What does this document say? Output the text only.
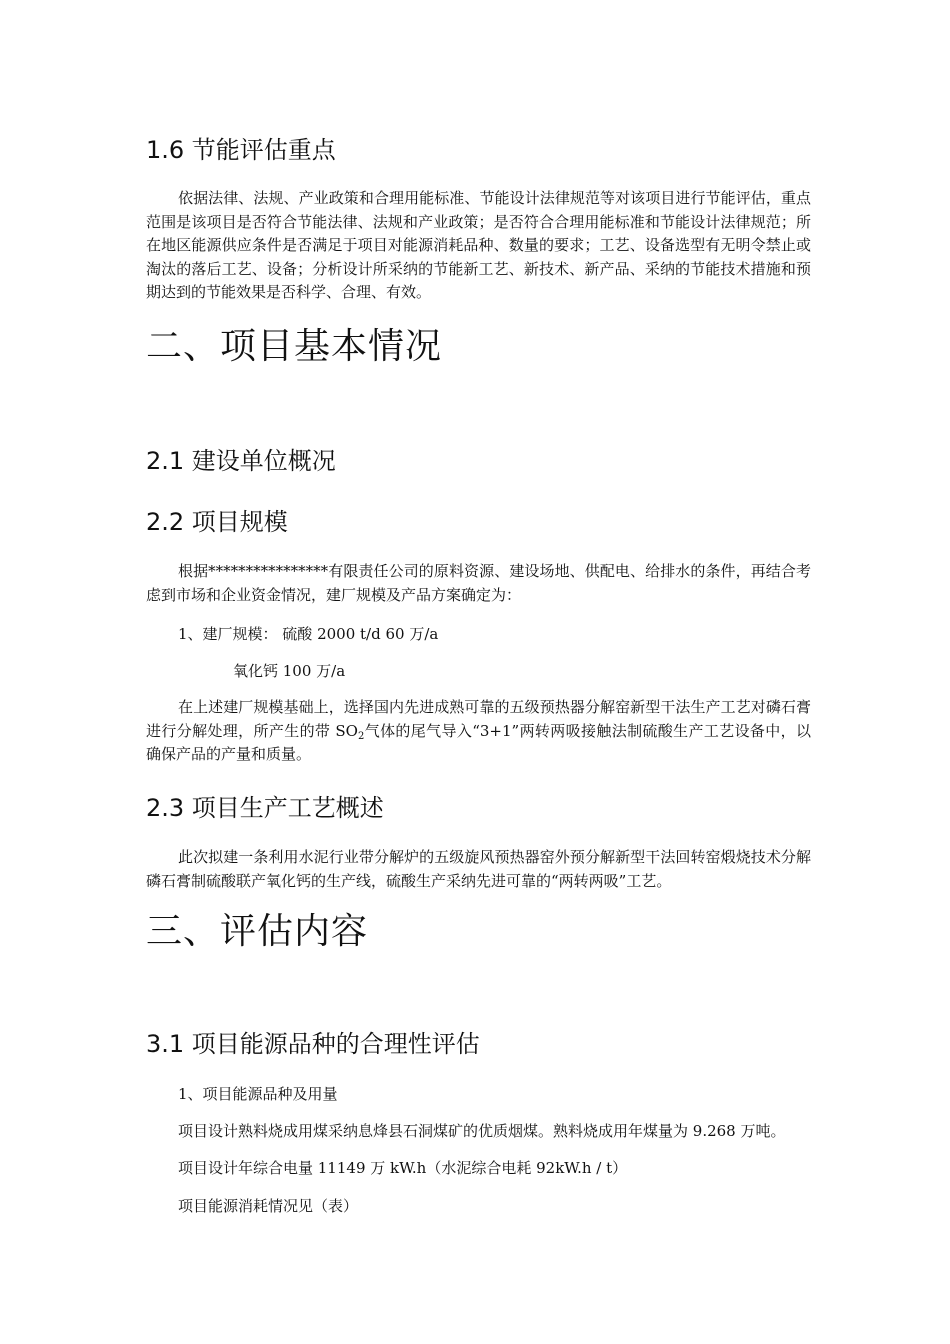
1.6 节能评估重点

依据法律、法规、产业政策和合理用能标准、节能设计法律规范等对该项目进行节能评估，重点范围是该项目是否符合节能法律、法规和产业政策；是否符合合理用能标准和节能设计法律规范；所在地区能源供应条件是否满足于项目对能源消耗品种、数量的要求；工艺、设备选型有无明令禁止或淘汰的落后工艺、设备；分析设计所采纳的节能新工艺、新技术、新产品、采纳的节能技术措施和预期达到的节能效果是否科学、合理、有效。

二、项目基本情况
2.1 建设单位概况
2.2 项目规模

根据****************有限责任公司的原料资源、建设场地、供配电、给排水的条件，再结合考虑到市场和企业资金情况，建厂规模及产品方案确定为：

1、建厂规模： 硫酸 2000 t/d 60 万/a

氧化钙 100 万/a

在上述建厂规模基础上，选择国内先进成熟可靠的五级预热器分解窑新型干法生产工艺对磷石膏进行分解处理，所产生的带 $SO_2$气体的尾气导入“3+1”两转两吸接触法制硫酸生产工艺设备中，以确保产品的产量和质量。

2.3 项目生产工艺概述

此次拟建一条利用水泥行业带分解炉的五级旋风预热器窑外预分解新型干法回转窑煅烧技术分解磷石膏制硫酸联产氧化钙的生产线，硫酸生产采纳先进可靠的“两转两吸”工艺。

三、评估内容
3.1 项目能源品种的合理性评估

1、项目能源品种及用量

项目设计熟料烧成用煤采纳息烽县石洞煤矿的优质烟煤。熟料烧成用年煤量为 9.268 万吨。

项目设计年综合电量 11149 万 kW.h（水泥综合电耗 92kW.h / t）

项目能源消耗情况见（表）
